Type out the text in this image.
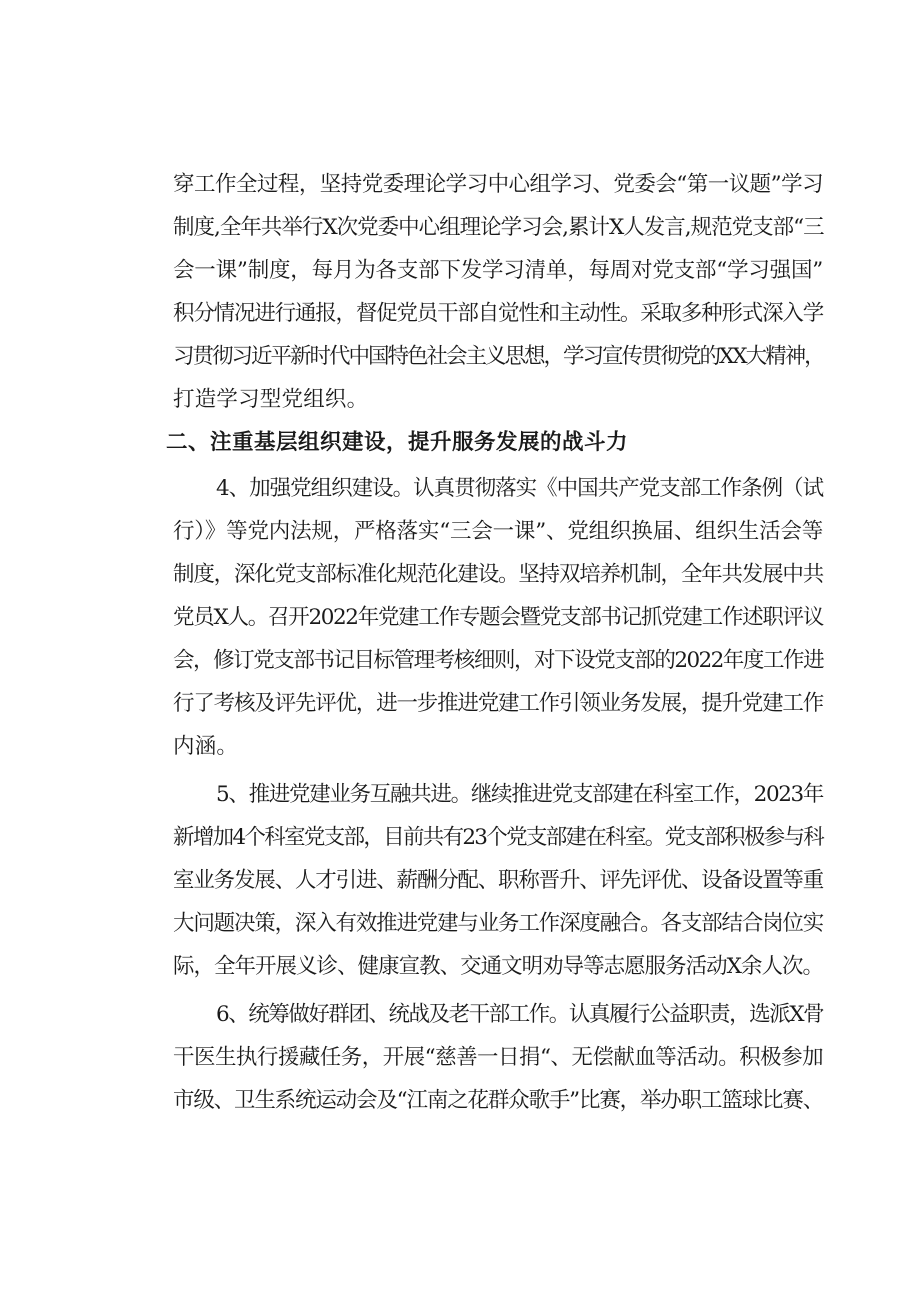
穿工作全过程，坚持党委理论学习中心组学习、党委会“第一议题”学习
制度,全年共举行X次党委中心组理论学习会,累计X人发言,规范党支部“三
会一课”制度，每月为各支部下发学习清单，每周对党支部“学习强国”
积分情况进行通报，督促党员干部自觉性和主动性。采取多种形式深入学
习贯彻习近平新时代中国特色社会主义思想，学习宣传贯彻党的XX大精神，
打造学习型党组织。
二、注重基层组织建设，提升服务发展的战斗力
4、加强党组织建设。认真贯彻落实《中国共产党支部工作条例（试
行）》等党内法规，严格落实“三会一课”、党组织换届、组织生活会等
制度，深化党支部标准化规范化建设。坚持双培养机制，全年共发展中共
党员X人。召开2022年党建工作专题会暨党支部书记抓党建工作述职评议
会，修订党支部书记目标管理考核细则，对下设党支部的2022年度工作进
行了考核及评先评优，进一步推进党建工作引领业务发展，提升党建工作
内涵。
5、推进党建业务互融共进。继续推进党支部建在科室工作，2023年
新增加4个科室党支部，目前共有23个党支部建在科室。党支部积极参与科
室业务发展、人才引进、薪酬分配、职称晋升、评先评优、设备设置等重
大问题决策，深入有效推进党建与业务工作深度融合。各支部结合岗位实
际，全年开展义诊、健康宣教、交通文明劝导等志愿服务活动X余人次。
6、统筹做好群团、统战及老干部工作。认真履行公益职责，选派X骨
干医生执行援藏任务，开展“慈善一日捐“、无偿献血等活动。积极参加
市级、卫生系统运动会及“江南之花群众歌手”比赛，举办职工篮球比赛、
